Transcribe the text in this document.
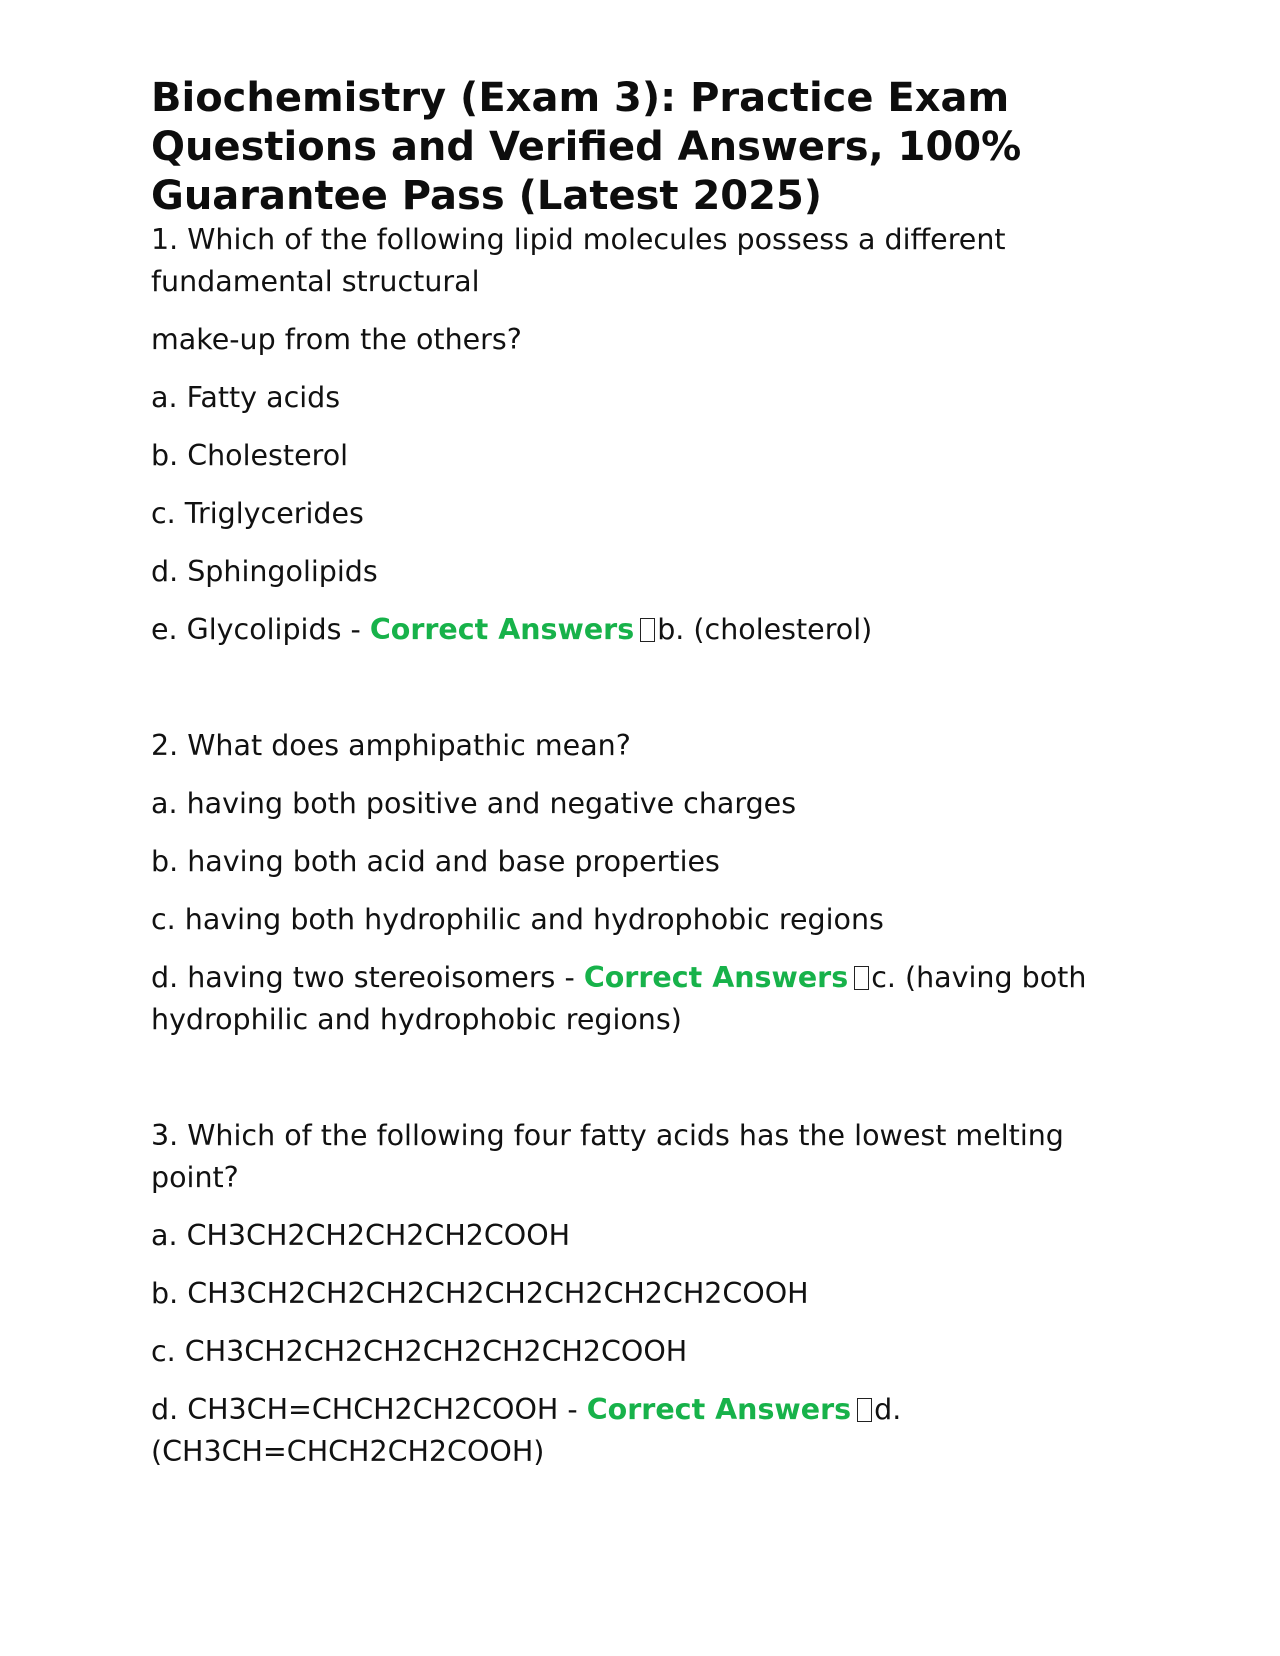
Biochemistry (Exam 3): Practice Exam Questions and Verified Answers, 100% Guarantee Pass (Latest 2025)

1. Which of the following lipid molecules possess a different fundamental structural

make-up from the others?

a. Fatty acids

b. Cholesterol

c. Triglycerides

d. Sphingolipids

e. Glycolipids - Correct Answers b. (cholesterol)

2. What does amphipathic mean?

a. having both positive and negative charges

b. having both acid and base properties

c. having both hydrophilic and hydrophobic regions

d. having two stereoisomers - Correct Answers c. (having both hydrophilic and hydrophobic regions)

3. Which of the following four fatty acids has the lowest melting point?

a. CH3CH2CH2CH2CH2COOH

b. CH3CH2CH2CH2CH2CH2CH2CH2CH2COOH

c. CH3CH2CH2CH2CH2CH2CH2COOH

d. CH3CH=CHCH2CH2COOH - Correct Answers d. (CH3CH=CHCH2CH2COOH)
